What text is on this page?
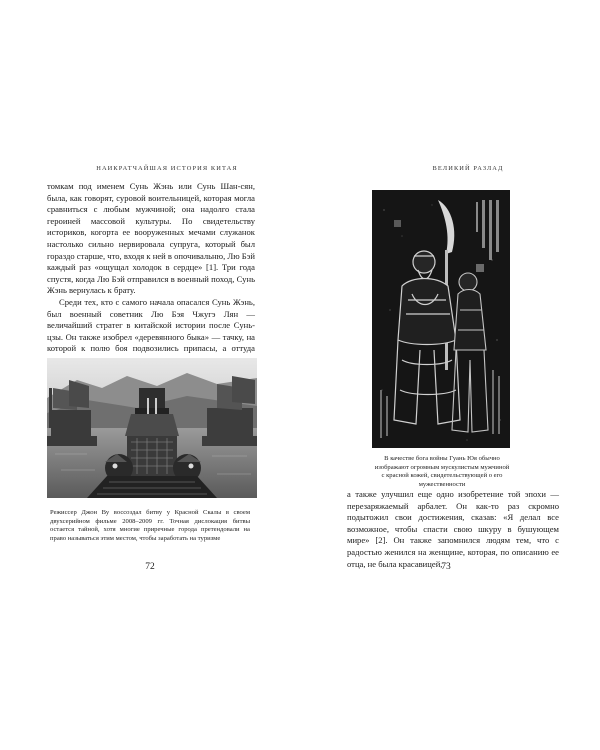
НАИКРАТЧАЙШАЯ ИСТОРИЯ КИТАЯ

томкам под именем Сунь Жэнь или Сунь Шан-сян, была, как говорят, суровой воительницей, которая могла сравниться с любым мужчиной; она надолго стала героиней массовой культуры. По свидетельству историков, когорта ее вооруженных мечами служанок настолько сильно нервировала супруга, который был гораздо старше, что, входя к ней в опочивальню, Лю Бэй каждый раз «ощущал холодок в сердце» [1]. Три года спустя, когда Лю Бэй отправился в военный поход, Сунь Жэнь вернулась к брату.

Среди тех, кто с самого начала опасался Сунь Жэнь, был военный советник Лю Бэя Чжугэ Лян — величайший стратег в китайской истории после Сунь-цзы. Он также изобрел «деревянного быка» — тачку, на которой к полю боя подвозились припасы, а оттуда

Режиссер Джон Ву воссоздал битву у Красной Скалы в своем двухсерийном фильме 2008–2009 гг. Точная дислокация битвы остается тайной, хотя многие приречные города претендовали на право называться этим местом, чтобы заработать на туризме
72
ВЕЛИКИЙ РАЗЛАД
73
В качестве бога войны Гуань Юя обычно изображают огромным мускулистым мужчиной с красной кожей, свидетельствующей о его мужественности

а также улучшил еще одно изобретение той эпохи — перезаряжаемый арбалет. Он как-то раз скромно подытожил свои достижения, сказав: «Я делал все возможное, чтобы спасти свою шкуру в бушующем мире» [2]. Он также запомнился людям тем, что с радостью женился на женщине, которая, по описанию ее отца, не была красавицей,
